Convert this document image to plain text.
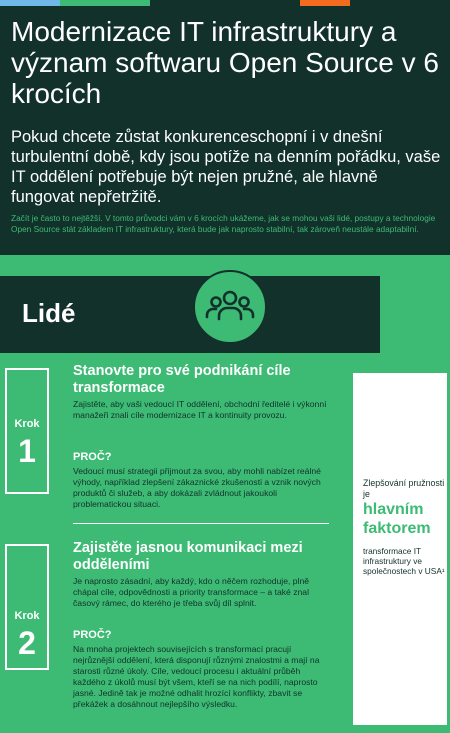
Modernizace IT infrastruktury a význam softwaru Open Source v 6 krocích

Pokud chcete zůstat konkurenceschopní i v dnešní turbulentní době, kdy jsou potíže na denním pořádku, vaše IT oddělení potřebuje být nejen pružné, ale hlavně fungovat nepřetržitě.

Začít je často to nejtěžší. V tomto průvodci vám v 6 krocích ukážeme, jak se mohou vaši lidé, postupy a technologie Open Source stát základem IT infrastruktury, která bude jak naprosto stabilní, tak zároveň neustále adaptabilní.

Lidé
Krok
1
Stanovte pro své podnikání cíle transformace

Zajistěte, aby vaši vedoucí IT oddělení, obchodní ředitelé i výkonní manažeři znali cíle modernizace IT a kontinuity provozu.

PROČ?

Vedoucí musí strategii přijmout za svou, aby mohli nabízet reálné výhody, například zlepšení zákaznické zkušenosti a vznik nových produktů či služeb, a aby dokázali zvládnout jakoukoli problematickou situaci.

Krok
2
Zajistěte jasnou komunikaci mezi odděleními

Je naprosto zásadní, aby každý, kdo o něčem rozhoduje, plně chápal cíle, odpovědnosti a priority transformace – a také znal časový rámec, do kterého je třeba svůj díl splnit.

PROČ?

Na mnoha projektech souvisejících s transformací pracují nejrůznější oddělení, která disponují různými znalostmi a mají na starosti různé úkoly. Cíle, vedoucí procesu i aktuální průběh každého z úkolů musí být všem, kteří se na nich podílí, naprosto jasné. Jedině tak je možné odhalit hrozící konflikty, zbavit se překážek a dosáhnout nejlepšího výsledku.

Zlepšování pružnosti je

hlavním faktorem

transformace IT infrastruktury ve společnostech v USA¹
